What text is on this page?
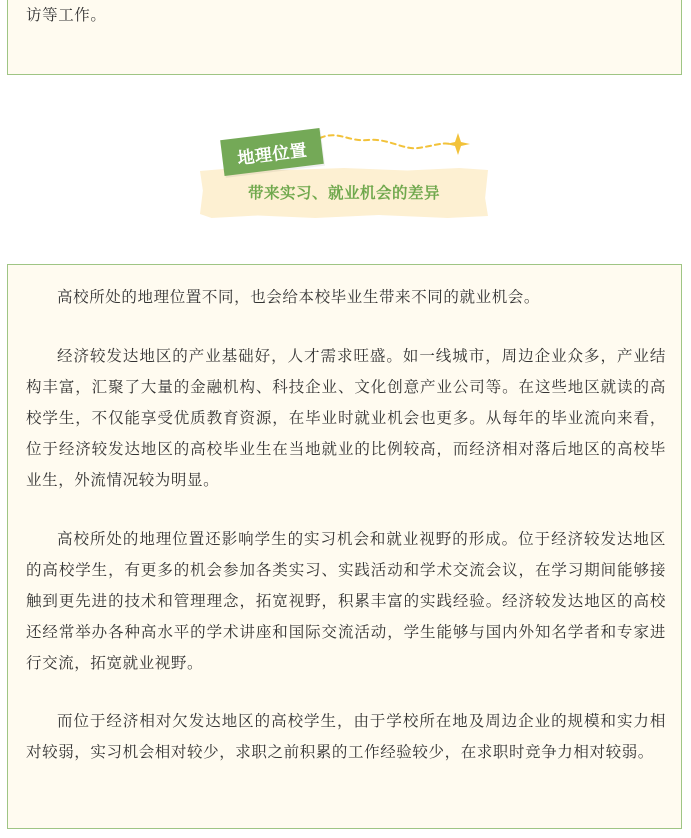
访等工作。

带来实习、就业机会的差异

地理位置

高校所处的地理位置不同，也会给本校毕业生带来不同的就业机会。

经济较发达地区的产业基础好，人才需求旺盛。如一线城市，周边企业众多，产业结构丰富，汇聚了大量的金融机构、科技企业、文化创意产业公司等。在这些地区就读的高校学生，不仅能享受优质教育资源，在毕业时就业机会也更多。从每年的毕业流向来看，位于经济较发达地区的高校毕业生在当地就业的比例较高，而经济相对落后地区的高校毕业生，外流情况较为明显。

高校所处的地理位置还影响学生的实习机会和就业视野的形成。位于经济较发达地区的高校学生，有更多的机会参加各类实习、实践活动和学术交流会议，在学习期间能够接触到更先进的技术和管理理念，拓宽视野，积累丰富的实践经验。经济较发达地区的高校还经常举办各种高水平的学术讲座和国际交流活动，学生能够与国内外知名学者和专家进行交流，拓宽就业视野。

而位于经济相对欠发达地区的高校学生，由于学校所在地及周边企业的规模和实力相对较弱，实习机会相对较少，求职之前积累的工作经验较少，在求职时竞争力相对较弱。
